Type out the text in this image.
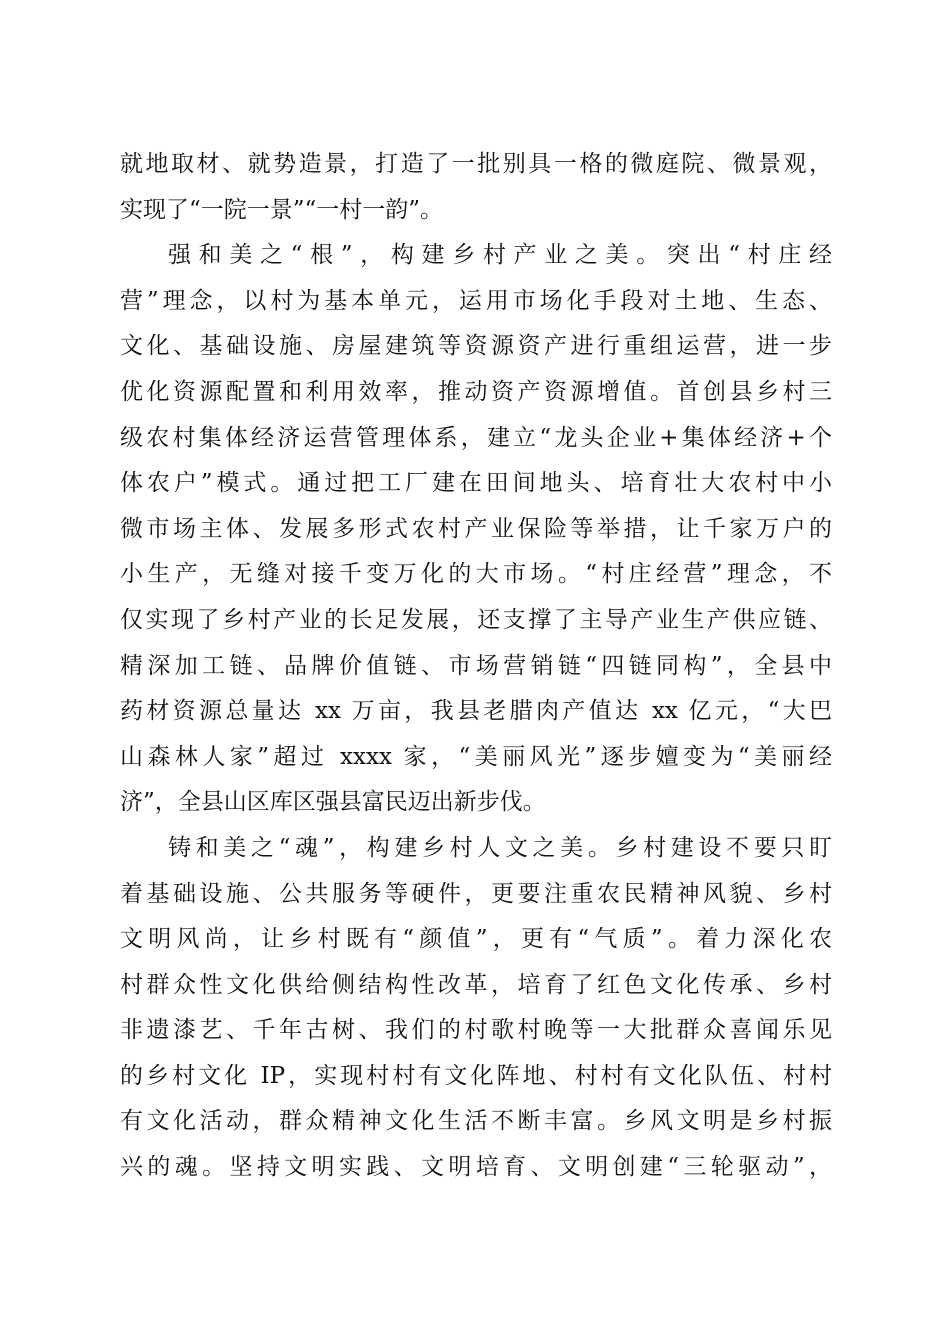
就地取材、就势造景，打造了一批别具一格的微庭院、微景观，
实现了“一院一景”“一村一韵”。
强和美之“根”，构建乡村产业之美。突出“村庄经
营”理念，以村为基本单元，运用市场化手段对土地、生态、
文化、基础设施、房屋建筑等资源资产进行重组运营，进一步
优化资源配置和利用效率，推动资产资源增值。首创县乡村三
级农村集体经济运营管理体系，建立“龙头企业+集体经济+个
体农户”模式。通过把工厂建在田间地头、培育壮大农村中小
微市场主体、发展多形式农村产业保险等举措，让千家万户的
小生产，无缝对接千变万化的大市场。“村庄经营”理念，不
仅实现了乡村产业的长足发展，还支撑了主导产业生产供应链、
精深加工链、品牌价值链、市场营销链“四链同构”，全县中
药材资源总量达 xx 万亩，我县老腊肉产值达 xx 亿元，“大巴
山森林人家”超过 xxxx 家，“美丽风光”逐步嬗变为“美丽经
济”，全县山区库区强县富民迈出新步伐。
铸和美之“魂”，构建乡村人文之美。乡村建设不要只盯
着基础设施、公共服务等硬件，更要注重农民精神风貌、乡村
文明风尚，让乡村既有“颜值”，更有“气质”。着力深化农
村群众性文化供给侧结构性改革，培育了红色文化传承、乡村
非遗漆艺、千年古树、我们的村歌村晚等一大批群众喜闻乐见
的乡村文化 IP，实现村村有文化阵地、村村有文化队伍、村村
有文化活动，群众精神文化生活不断丰富。乡风文明是乡村振
兴的魂。坚持文明实践、文明培育、文明创建“三轮驱动”，
